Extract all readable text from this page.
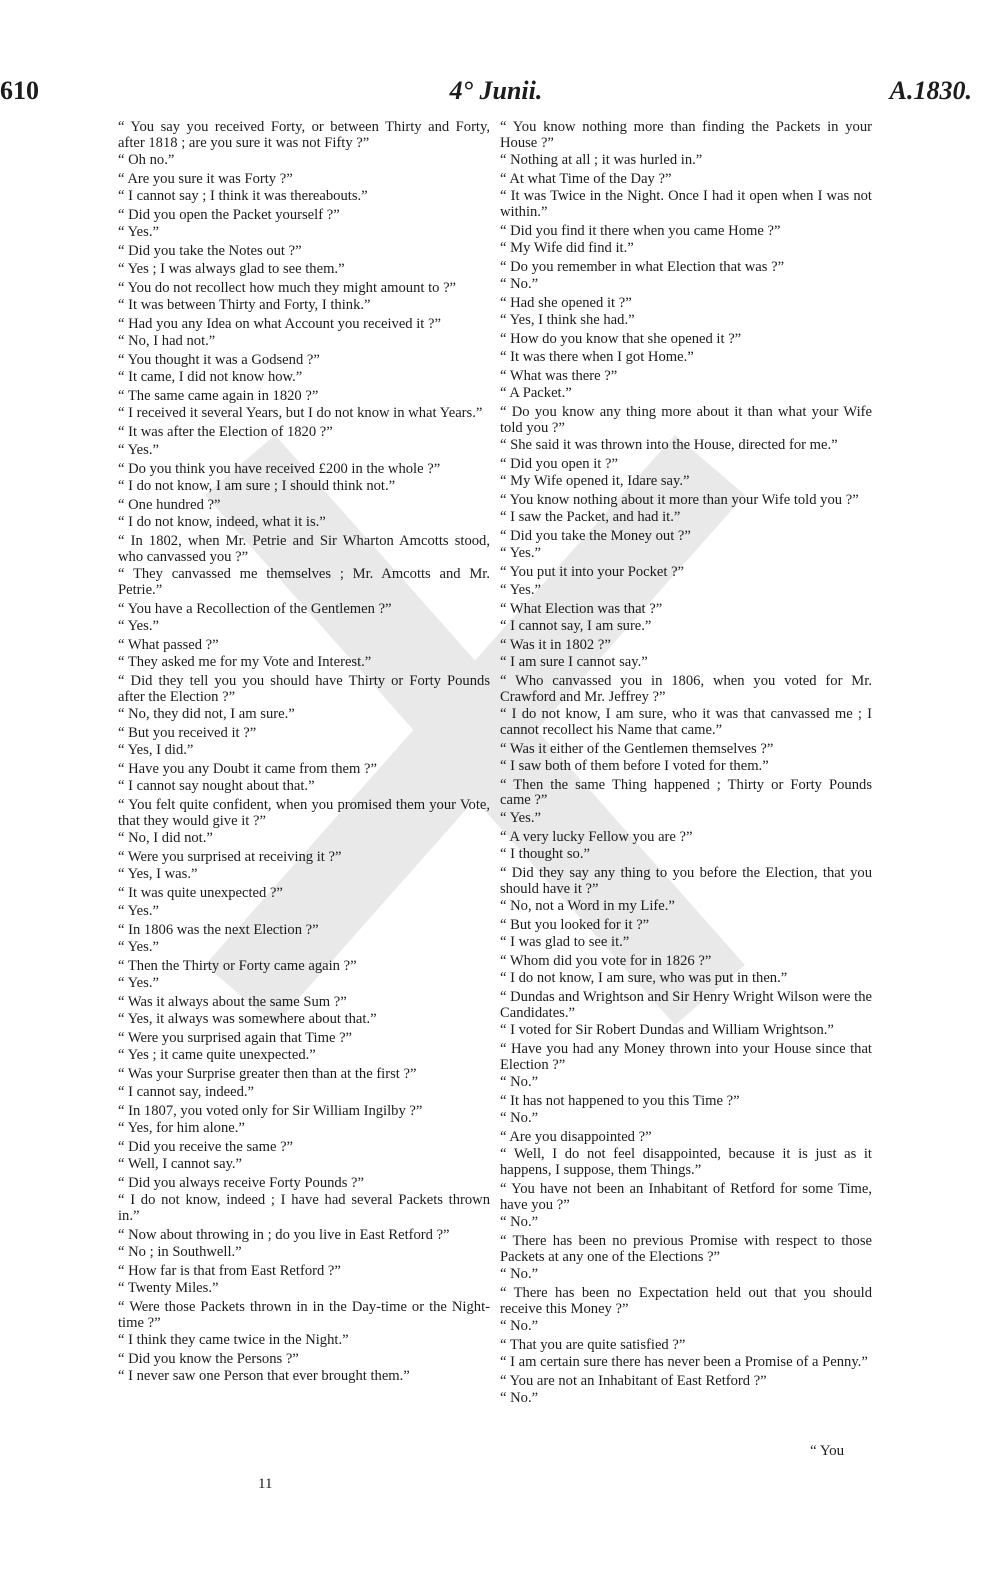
610	4° Junii.	A.1830.

“ You say you received Forty, or between Thirty and Forty, after 1818 ; are you sure it was not Fifty ?”

“ Oh no.”

“ Are you sure it was Forty ?”

“ I cannot say ; I think it was thereabouts.”

“ Did you open the Packet yourself ?”

“ Yes.”

“ Did you take the Notes out ?”

“ Yes ; I was always glad to see them.”

“ You do not recollect how much they might amount to ?”

“ It was between Thirty and Forty, I think.”

“ Had you any Idea on what Account you received it ?”

“ No, I had not.”

“ You thought it was a Godsend ?”

“ It came, I did not know how.”

“ The same came again in 1820 ?”

“ I received it several Years, but I do not know in what Years.”

“ It was after the Election of 1820 ?”

“ Yes.”

“ Do you think you have received £200 in the whole ?”

“ I do not know, I am sure ; I should think not.”

“ One hundred ?”

“ I do not know, indeed, what it is.”

“ In 1802, when Mr. Petrie and Sir Wharton Amcotts stood, who canvassed you ?”

“ They canvassed me themselves ; Mr. Amcotts and Mr. Petrie.”

“ You have a Recollection of the Gentlemen ?”

“ Yes.”

“ What passed ?”

“ They asked me for my Vote and Interest.”

“ Did they tell you you should have Thirty or Forty Pounds after the Election ?”

“ No, they did not, I am sure.”

“ But you received it ?”

“ Yes, I did.”

“ Have you any Doubt it came from them ?”

“ I cannot say nought about that.”

“ You felt quite confident, when you promised them your Vote, that they would give it ?”

“ No, I did not.”

“ Were you surprised at receiving it ?”

“ Yes, I was.”

“ It was quite unexpected ?”

“ Yes.”

“ In 1806 was the next Election ?”

“ Yes.”

“ Then the Thirty or Forty came again ?”

“ Yes.”

“ Was it always about the same Sum ?”

“ Yes, it always was somewhere about that.”

“ Were you surprised again that Time ?”

“ Yes ; it came quite unexpected.”

“ Was your Surprise greater then than at the first ?”

“ I cannot say, indeed.”

“ In 1807, you voted only for Sir William Ingilby ?”

“ Yes, for him alone.”

“ Did you receive the same ?”

“ Well, I cannot say.”

“ Did you always receive Forty Pounds ?”

“ I do not know, indeed ; I have had several Packets thrown in.”

“ Now about throwing in ; do you live in East Retford ?”

“ No ; in Southwell.”

“ How far is that from East Retford ?”

“ Twenty Miles.”

“ Were those Packets thrown in in the Day-time or the Night-time ?”

“ I think they came twice in the Night.”

“ Did you know the Persons ?”

“ I never saw one Person that ever brought them.”

“ You know nothing more than finding the Packets in your House ?”

“ Nothing at all ; it was hurled in.”

“ At what Time of the Day ?”

“ It was Twice in the Night. Once I had it open when I was not within.”

“ Did you find it there when you came Home ?”

“ My Wife did find it.”

“ Do you remember in what Election that was ?”

“ No.”

“ Had she opened it ?”

“ Yes, I think she had.”

“ How do you know that she opened it ?”

“ It was there when I got Home.”

“ What was there ?”

“ A Packet.”

“ Do you know any thing more about it than what your Wife told you ?”

“ She said it was thrown into the House, directed for me.”

“ Did you open it ?”

“ My Wife opened it, Idare say.”

“ You know nothing about it more than your Wife told you ?”

“ I saw the Packet, and had it.”

“ Did you take the Money out ?”

“ Yes.”

“ You put it into your Pocket ?”

“ Yes.”

“ What Election was that ?”

“ I cannot say, I am sure.”

“ Was it in 1802 ?”

“ I am sure I cannot say.”

“ Who canvassed you in 1806, when you voted for Mr. Crawford and Mr. Jeffrey ?”

“ I do not know, I am sure, who it was that canvassed me ; I cannot recollect his Name that came.”

“ Was it either of the Gentlemen themselves ?”

“ I saw both of them before I voted for them.”

“ Then the same Thing happened ; Thirty or Forty Pounds came ?”

“ Yes.”

“ A very lucky Fellow you are ?”

“ I thought so.”

“ Did they say any thing to you before the Election, that you should have it ?”

“ No, not a Word in my Life.”

“ But you looked for it ?”

“ I was glad to see it.”

“ Whom did you vote for in 1826 ?”

“ I do not know, I am sure, who was put in then.”

“ Dundas and Wrightson and Sir Henry Wright Wilson were the Candidates.”

“ I voted for Sir Robert Dundas and William Wrightson.”

“ Have you had any Money thrown into your House since that Election ?”

“ No.”

“ It has not happened to you this Time ?”

“ No.”

“ Are you disappointed ?”

“ Well, I do not feel disappointed, because it is just as it happens, I suppose, them Things.”

“ You have not been an Inhabitant of Retford for some Time, have you ?”

“ No.”

“ There has been no previous Promise with respect to those Packets at any one of the Elections ?”

“ No.”

“ There has been no Expectation held out that you should receive this Money ?”

“ No.”

“ That you are quite satisfied ?”

“ I am certain sure there has never been a Promise of a Penny.”

“ You are not an Inhabitant of East Retford ?”

“ No.”

11
“ You
